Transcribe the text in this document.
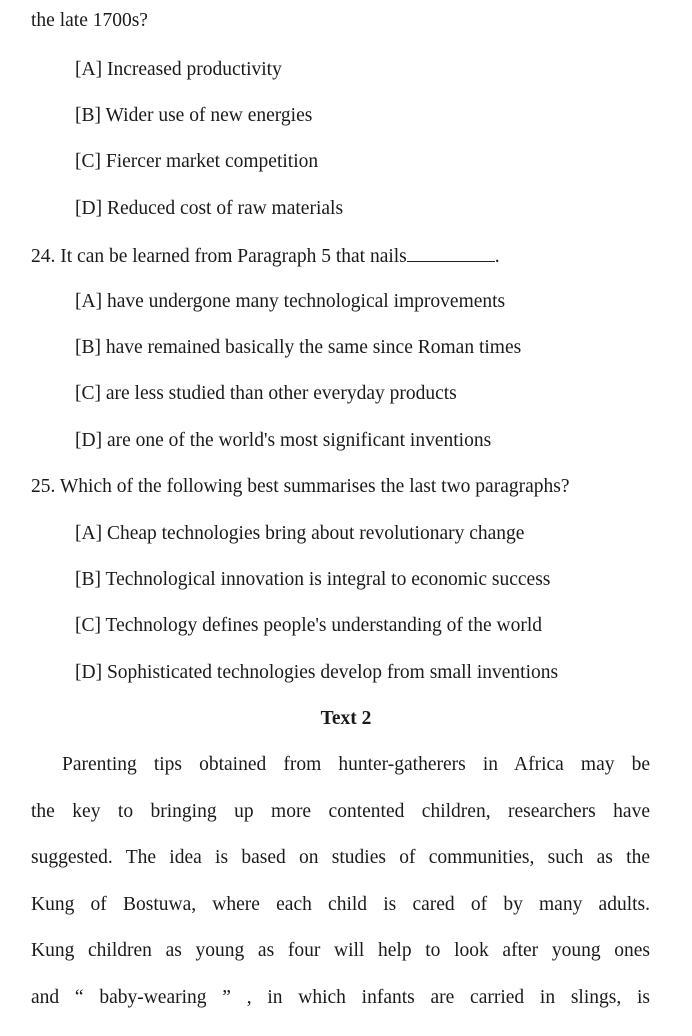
the late 1700s?
[A] Increased productivity
[B] Wider use of new energies
[C] Fiercer market competition
[D] Reduced cost of raw materials
24. It can be learned from Paragraph 5 that nails	.
[A] have undergone many technological improvements
[B] have remained basically the same since Roman times
[C] are less studied than other everyday products
[D] are one of the world's most significant inventions
25. Which of the following best summarises the last two paragraphs?
[A] Cheap technologies bring about revolutionary change
[B] Technological innovation is integral to economic success
[C] Technology defines people's understanding of the world
[D] Sophisticated technologies develop from small inventions
Text 2
Parenting tips obtained from hunter-gatherers in Africa may be
the key to bringing up more contented children, researchers have
suggested. The idea is based on studies of communities, such as the
Kung of Bostuwa, where each child is cared of by many adults.
Kung children as young as four will help to look after young ones
and “ baby-wearing ” , in which infants are carried in slings, is
